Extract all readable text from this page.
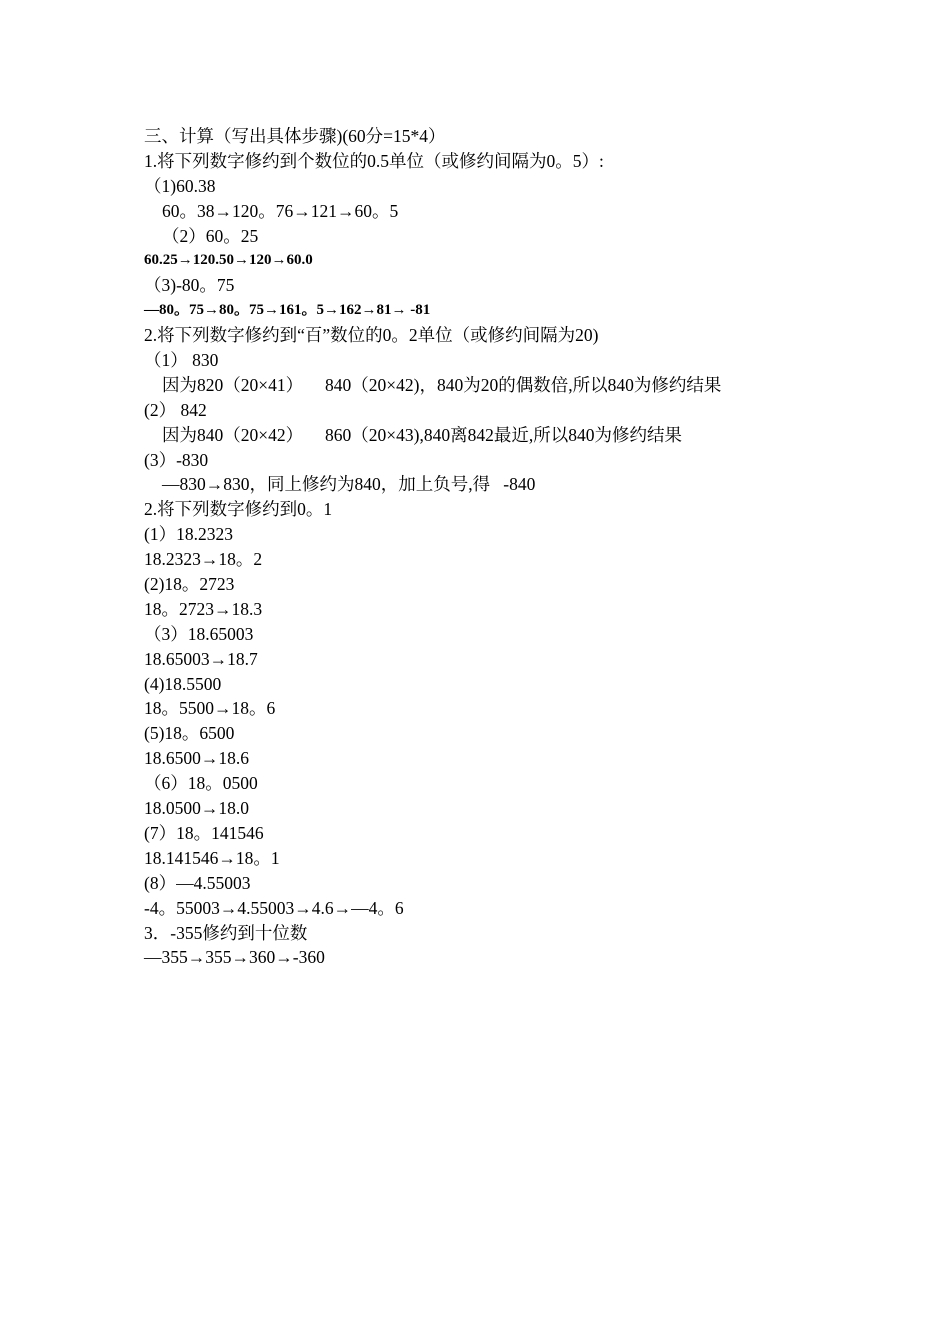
三、计算（写出具体步骤)(60分=15*4）
1.将下列数字修约到个数位的0.5单位（或修约间隔为0。5）:
（1)60.38
60。38→120。76→121→60。5
（2）60。25
60.25→120.50→120→60.0
（3)-80。75
—80。75→80。75→161。5→162→81→ -81
2.将下列数字修约到“百”数位的0。2单位（或修约间隔为20)
（1） 830
因为820（20×41）     840（20×42)，840为20的偶数倍,所以840为修约结果
(2） 842
因为840（20×42）     860（20×43),840离842最近,所以840为修约结果
(3）-830
—830→830，同上修约为840，加上负号,得   -840
2.将下列数字修约到0。1
(1）18.2323
18.2323→18。2
(2)18。2723
18。2723→18.3
（3）18.65003
18.65003→18.7
(4)18.5500
18。5500→18。6
(5)18。6500
18.6500→18.6
（6）18。0500
18.0500→18.0
(7）18。141546
18.141546→18。1
(8）—4.55003
-4。55003→4.55003→4.6→—4。6
3．-355修约到十位数
—355→355→360→-360
